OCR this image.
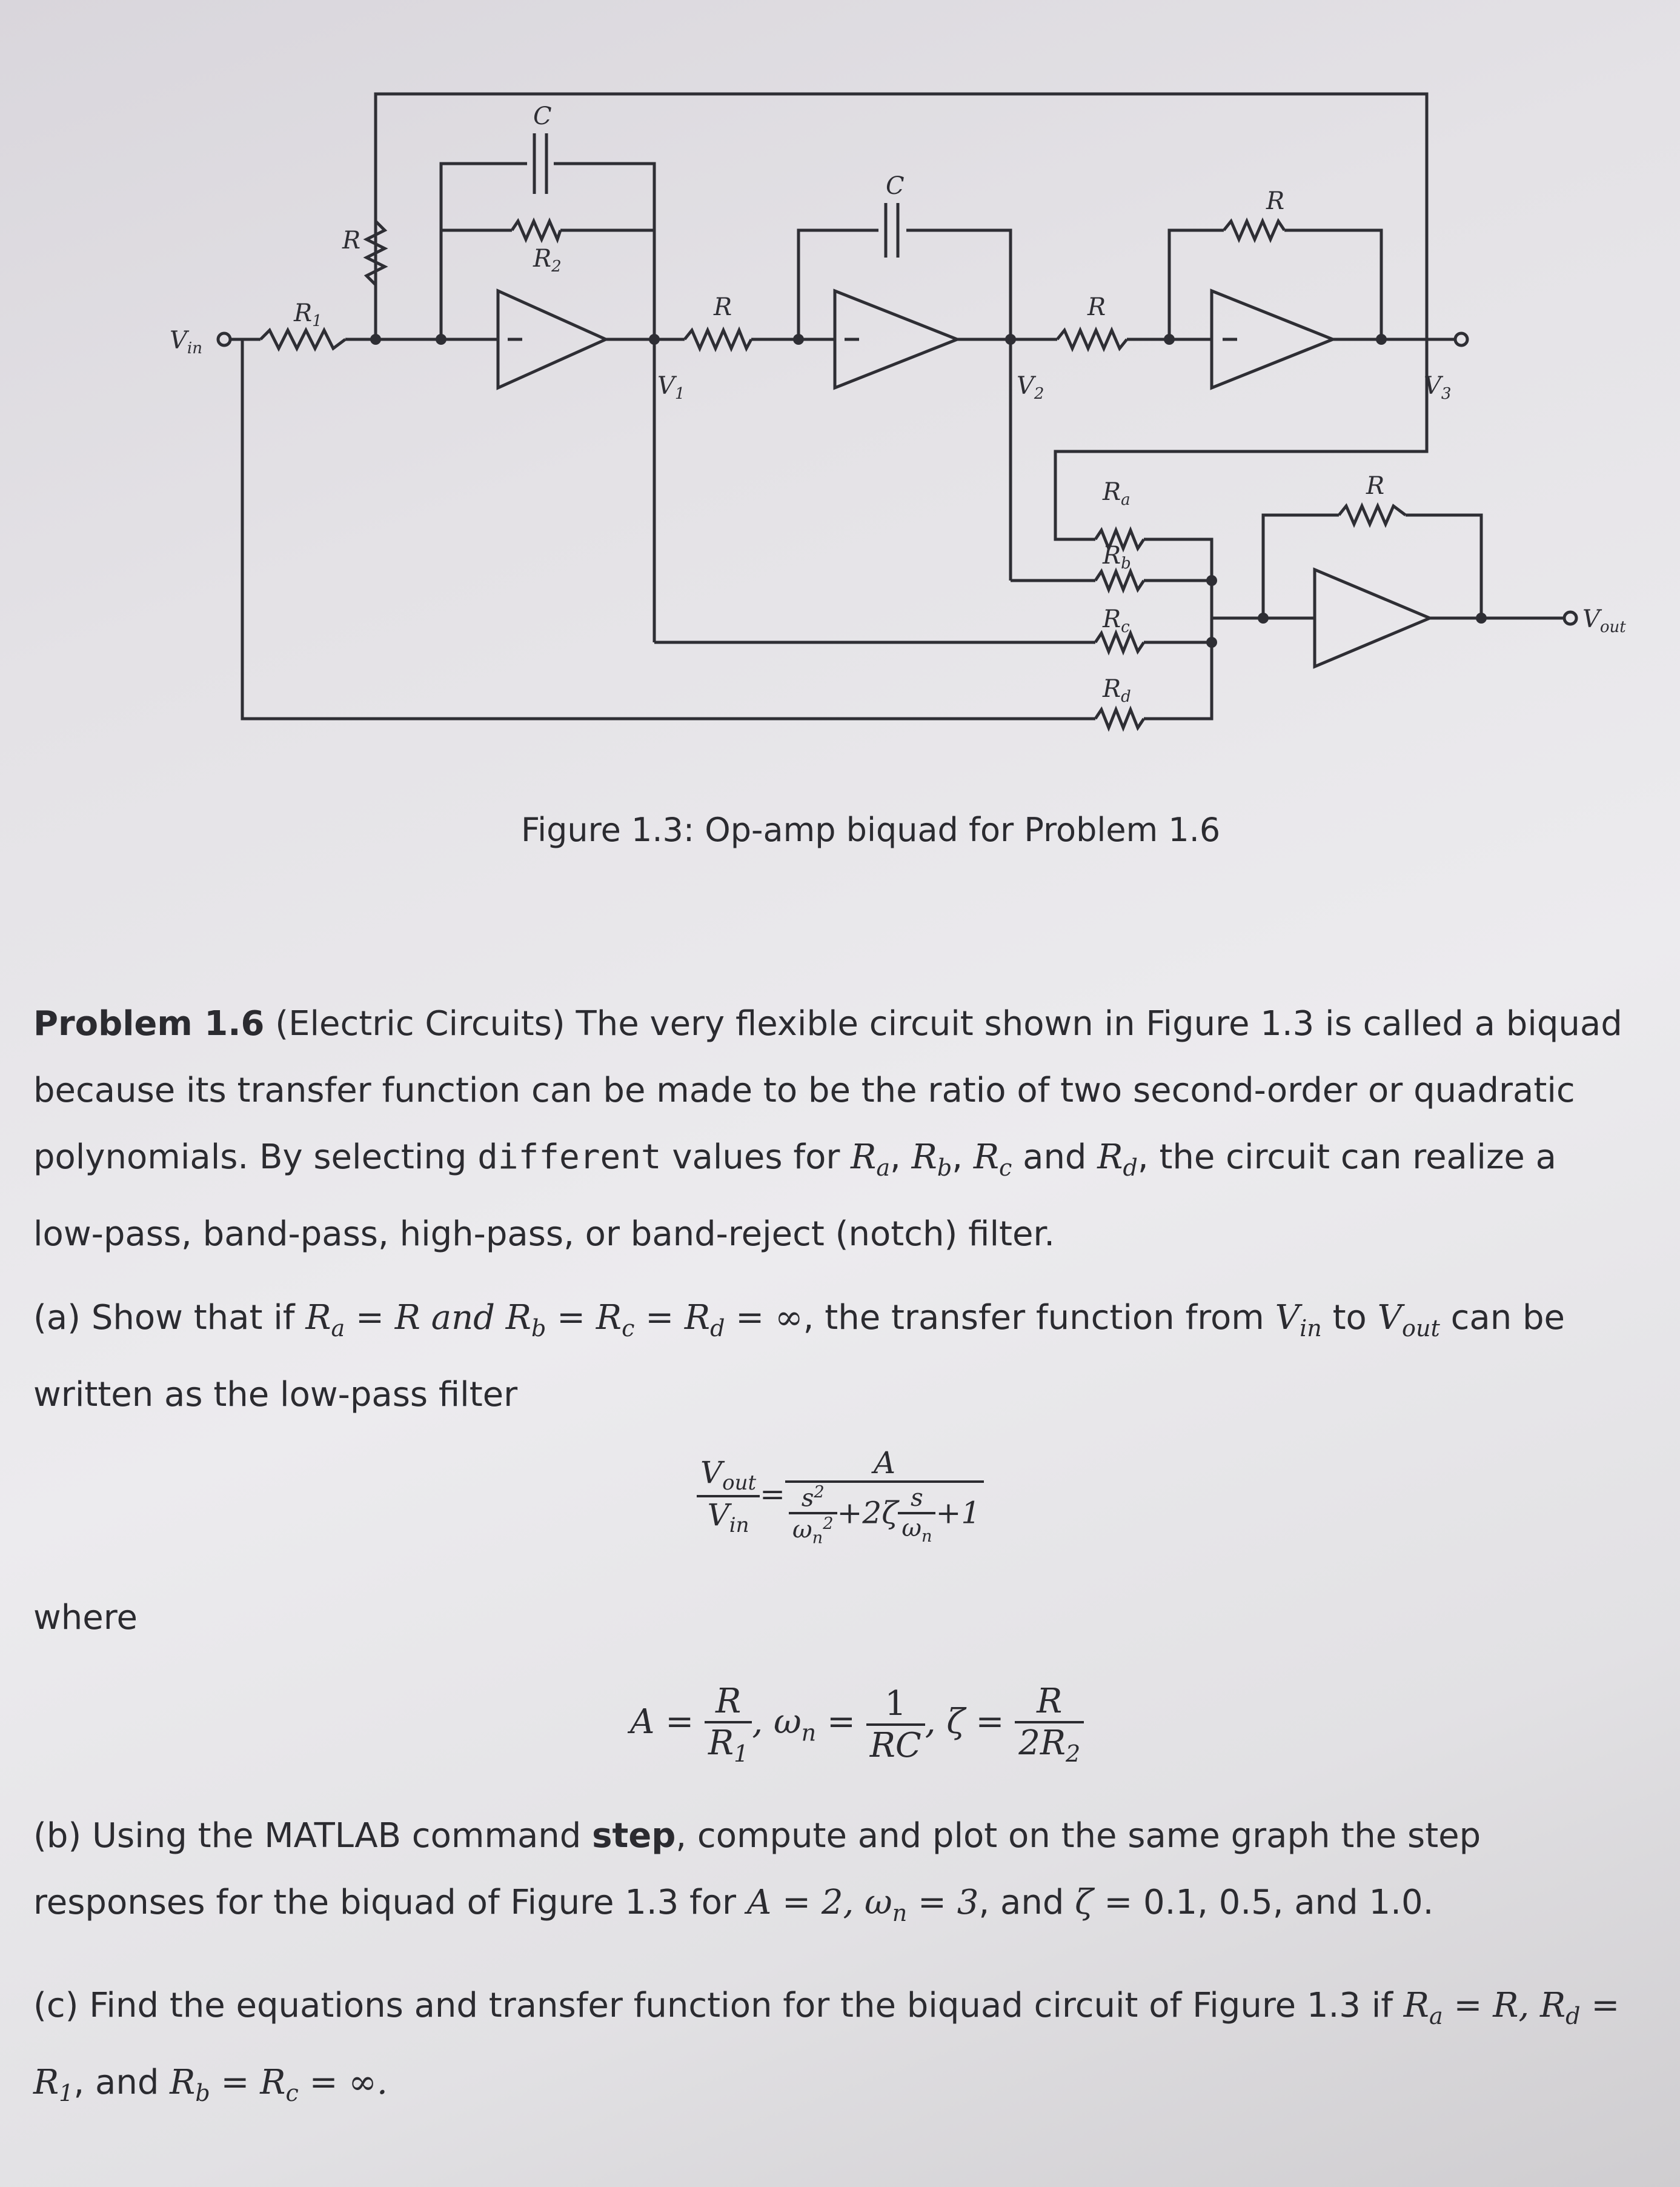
$V_{in}$
$R_1$
R
C
$R_2$
$V_1$
R
C
$V_2$
R
R
$V_3$
$R_a$
$R_b$
$R_c$
$R_d$
R
$V_{out}$
Figure 1.3: Op-amp biquad for Problem 1.6
Problem 1.6 (Electric Circuits) The very flexible circuit shown in Figure 1.3 is called a biquad because its transfer function can be made to be the ratio of two second-order or quadratic polynomials. By selecting different values for $R_a$, $R_b$, $R_c$ and $R_d$, the circuit can realize a low-pass, band-pass, high-pass, or band-reject (notch) filter.
(a) Show that if $R_a = R$ and $R_b = R_c = R_d$ = ∞, the transfer function from $V_{in}$ to $V_{out}$ can be written as the low-pass filter
$\frac{V_{out}}{V_{in}} = \frac{A}{\frac{s^2}{\omega_n^2} +2\zeta \frac{s}{\omega_n} +1}$
where
$A = \frac{R}{R_1}$ , $\omega_n = \frac{1}{RC}$ , $\zeta = \frac{R}{2R_2}$
(b) Using the MATLAB command step, compute and plot on the same graph the step responses for the biquad of Figure 1.3 for A = 2, $\omega_n = 3$, and ζ = 0.1, 0.5, and 1.0.
(c) Find the equations and transfer function for the biquad circuit of Figure 1.3 if $R_a = R$, $R_d = R_1$, and $R_b = R_c$ = ∞.
